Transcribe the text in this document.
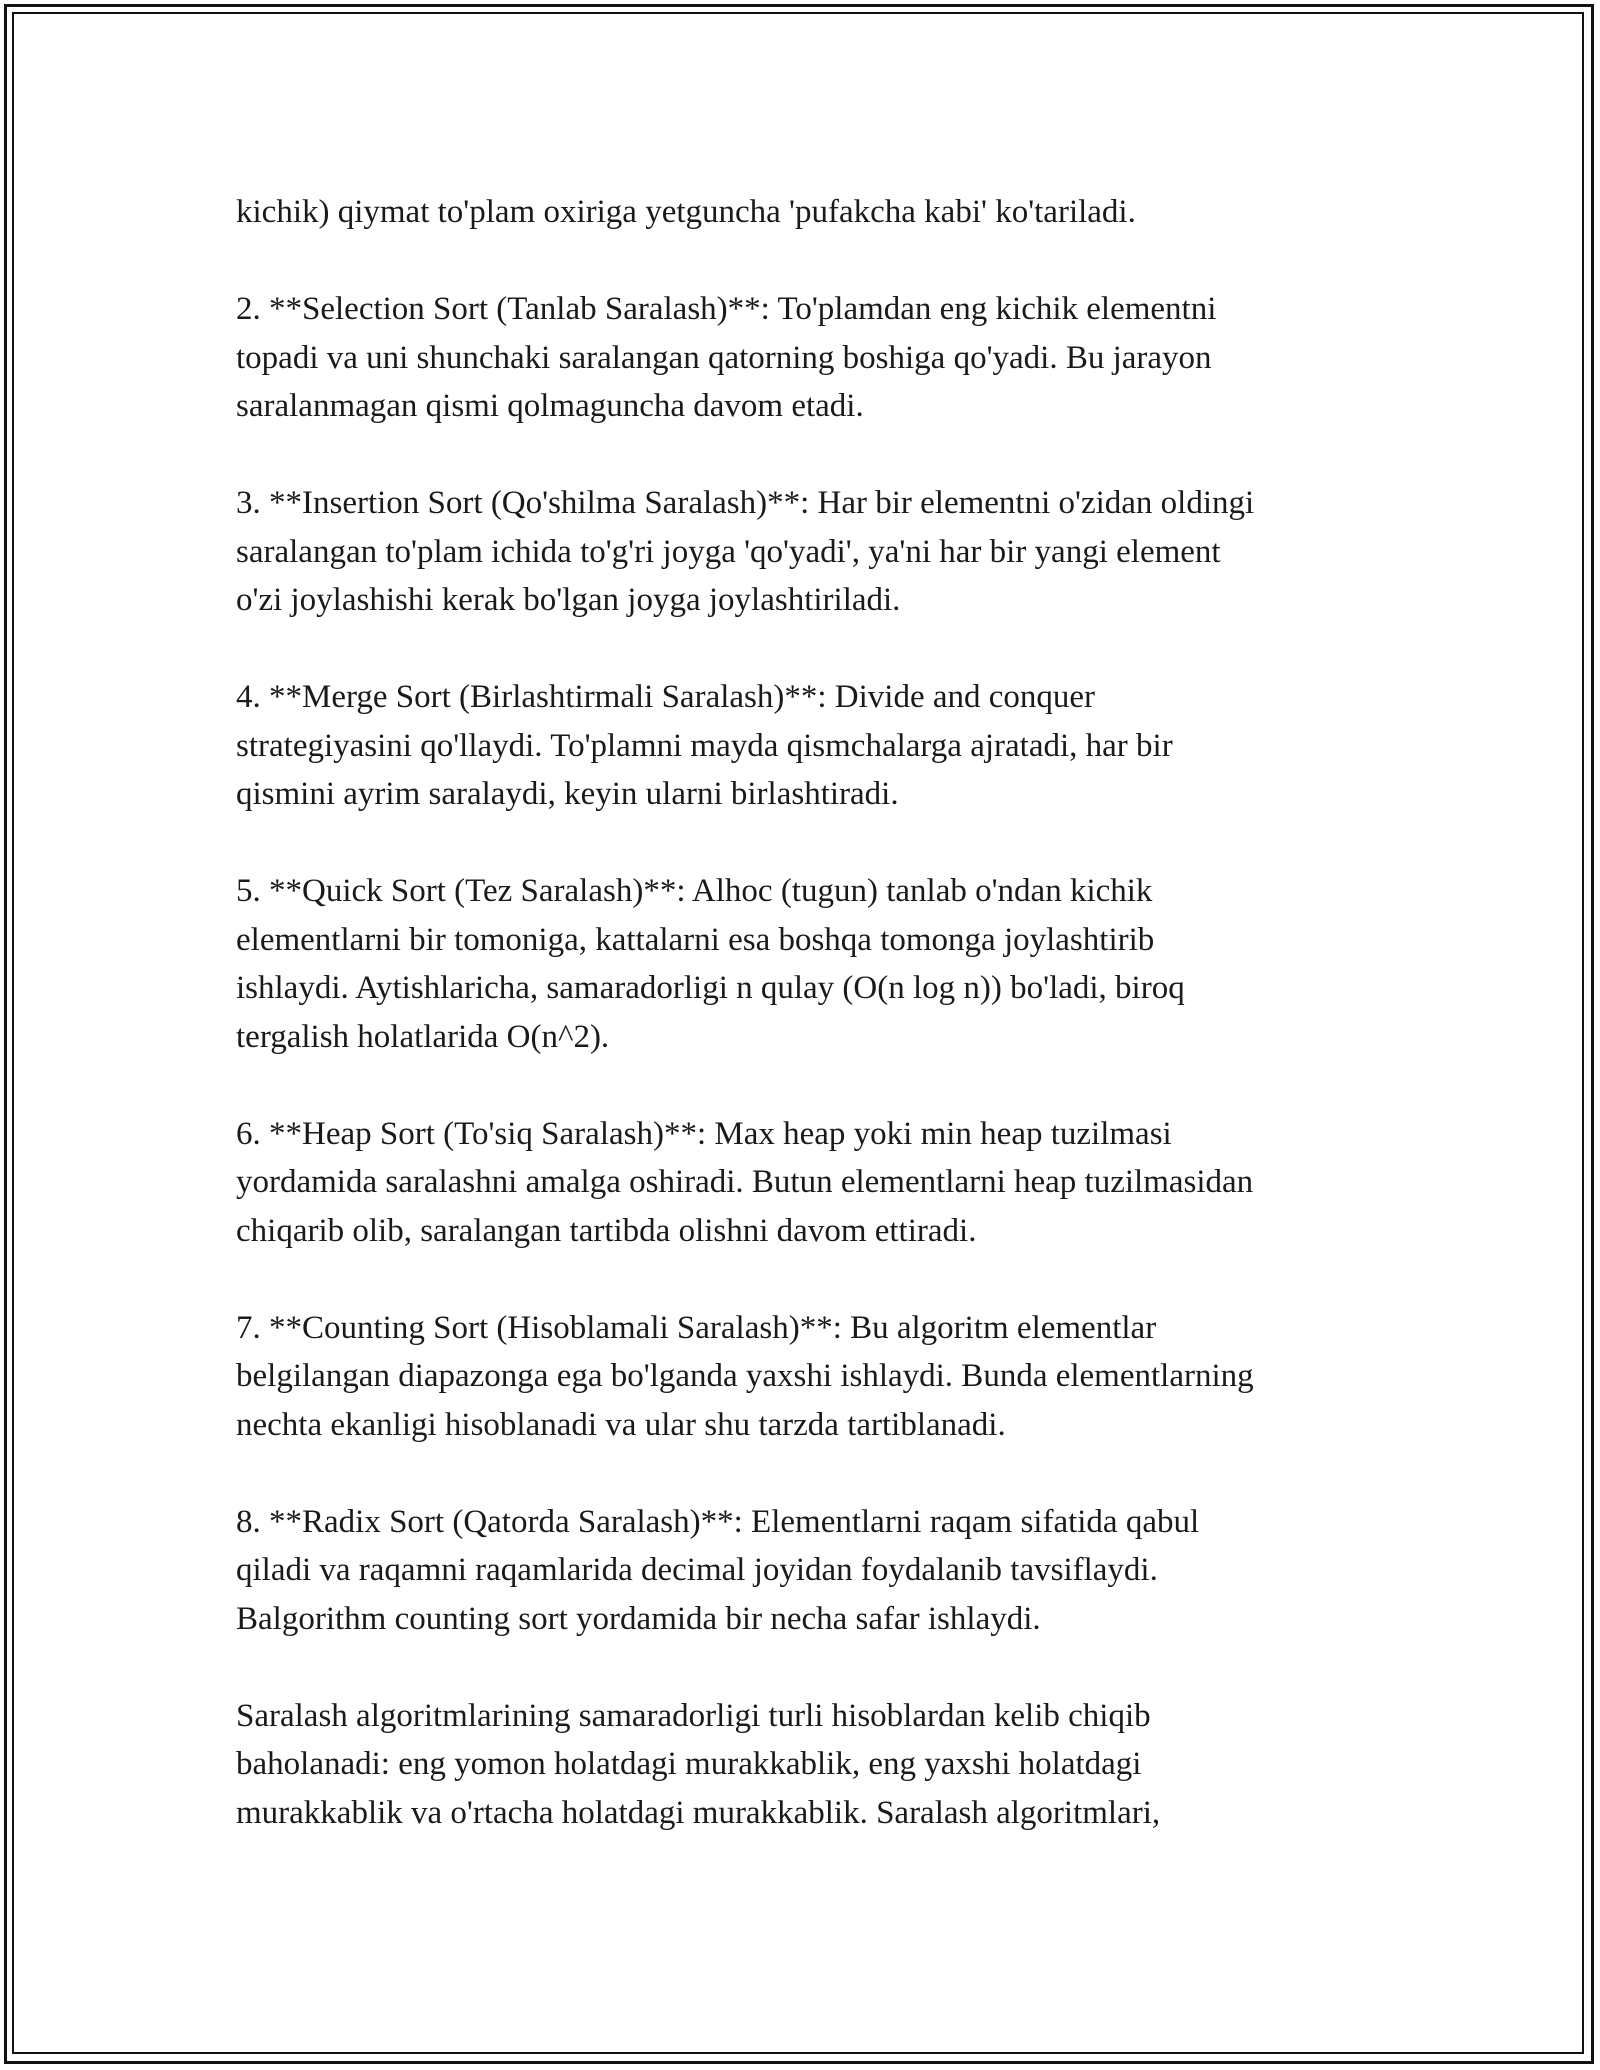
kichik) qiymat to'plam oxiriga yetguncha 'pufakcha kabi' ko'tariladi.

2. **Selection Sort (Tanlab Saralash)**: To'plamdan eng kichik elementni
topadi va uni shunchaki saralangan qatorning boshiga qo'yadi. Bu jarayon
saralanmagan qismi qolmaguncha davom etadi.

3. **Insertion Sort (Qo'shilma Saralash)**: Har bir elementni o'zidan oldingi
saralangan to'plam ichida to'g'ri joyga 'qo'yadi', ya'ni har bir yangi element
o'zi joylashishi kerak bo'lgan joyga joylashtiriladi.

4. **Merge Sort (Birlashtirmali Saralash)**: Divide and conquer
strategiyasini qo'llaydi. To'plamni mayda qismchalarga ajratadi, har bir
qismini ayrim saralaydi, keyin ularni birlashtiradi.

5. **Quick Sort (Tez Saralash)**: Alhoc (tugun) tanlab o'ndan kichik
elementlarni bir tomoniga, kattalarni esa boshqa tomonga joylashtirib
ishlaydi. Aytishlaricha, samaradorligi n qulay (O(n log n)) bo'ladi, biroq
tergalish holatlarida O(n^2).

6. **Heap Sort (To'siq Saralash)**: Max heap yoki min heap tuzilmasi
yordamida saralashni amalga oshiradi. Butun elementlarni heap tuzilmasidan
chiqarib olib, saralangan tartibda olishni davom ettiradi.

7. **Counting Sort (Hisoblamali Saralash)**: Bu algoritm elementlar
belgilangan diapazonga ega bo'lganda yaxshi ishlaydi. Bunda elementlarning
nechta ekanligi hisoblanadi va ular shu tarzda tartiblanadi.

8. **Radix Sort (Qatorda Saralash)**: Elementlarni raqam sifatida qabul
qiladi va raqamni raqamlarida decimal joyidan foydalanib tavsiflaydi.
Balgorithm counting sort yordamida bir necha safar ishlaydi.

Saralash algoritmlarining samaradorligi turli hisoblardan kelib chiqib
baholanadi: eng yomon holatdagi murakkablik, eng yaxshi holatdagi
murakkablik va o'rtacha holatdagi murakkablik. Saralash algoritmlari,
